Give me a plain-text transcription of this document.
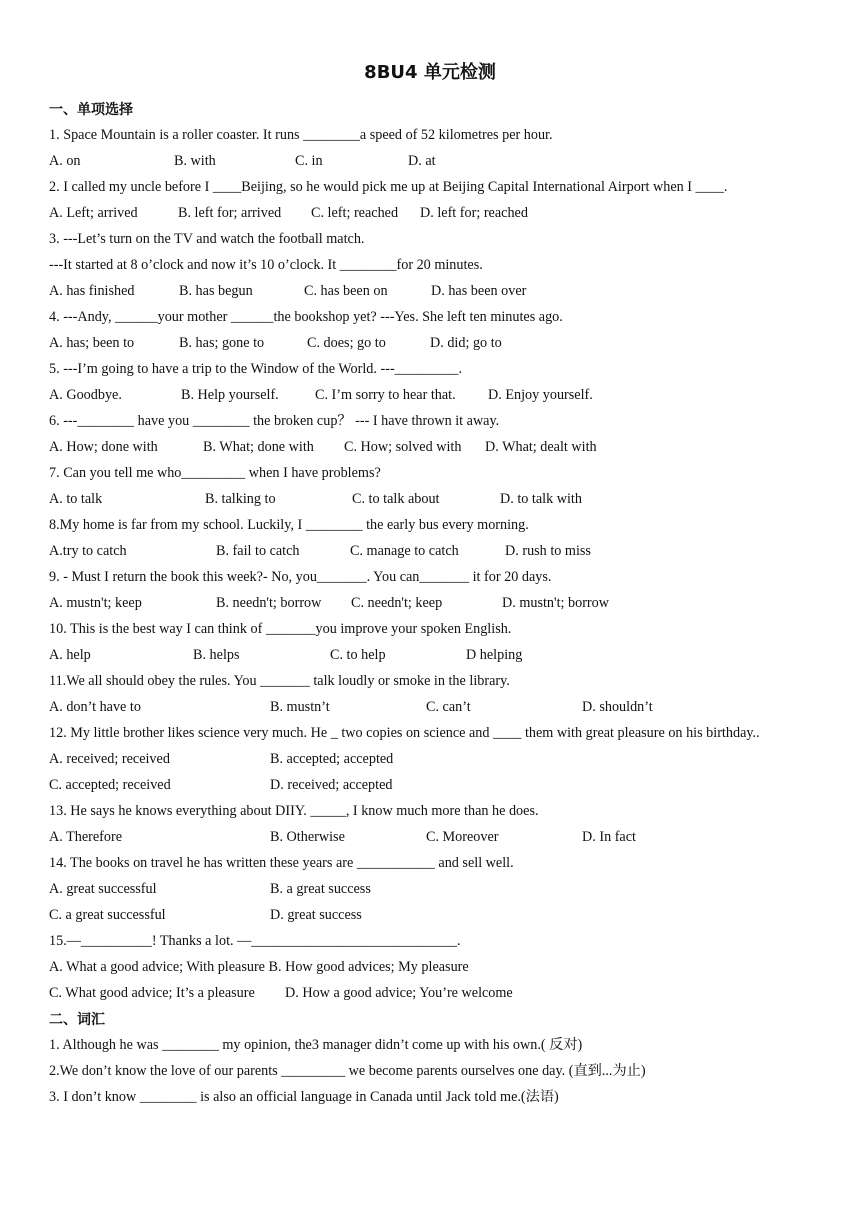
8BU4 单元检测
一、单项选择
1. Space Mountain is a roller coaster. It runs ________a speed of 52 kilometres per hour.
A. on	B. with	C. in	D. at
2. I called my uncle before I ____Beijing, so he would pick me up at Beijing Capital International Airport when I ____.
A. Left; arrived	B. left for; arrived C. left; reached D. left for; reached
3. ---Let’s turn on the TV and watch the football match.
---It started at 8 o’clock and now it’s 10 o’clock. It ________for 20 minutes.
A. has finished	B. has begun	C. has been on	D. has been over
4. ---Andy, ______your mother ______the bookshop yet? ---Yes. She left ten minutes ago.
A. has; been to	B. has; gone to	C. does; go to	D. did; go to
5. ---I’m going to have a trip to the Window of the World. ---_________.
A. Goodbye.	B. Help yourself.	C. I’m sorry to hear that. D. Enjoy yourself.
6. ---________ have you ________ the broken cup？ --- I have thrown it away.
A. How; done with	B. What; done with C. How; solved with D. What; dealt with
7. Can you tell me who_________ when I have problems?
A. to talk	B. talking to	C. to talk about	D. to talk with
8.My home is far from my school. Luckily, I ________ the early bus every morning.
A.try to catch	B. fail to catch	C. manage to catch	D. rush to miss
9. - Must I return the book this week?- No, you_______. You can_______ it for 20 days.
A. mustn't; keep	B. needn't; borrow C. needn't; keep	D. mustn't; borrow
10. This is the best way I can think of _______you improve your spoken English.
A. help	B. helps	C. to help	D helping
11.We all should obey the rules. You _______ talk loudly or smoke in the library.
A. don’t have to	B. mustn’t	C. can’t	D. shouldn’t
12. My little brother likes science very much. He _ two copies on science and ____ them with great pleasure on his birthday..
A. received; received	B. accepted; accepted
C. accepted; received	D. received; accepted
13. He says he knows everything about DIIY. _____, I know much more than he does.
A. Therefore	B. Otherwise	C. Moreover	D. In fact
14. The books on travel he has written these years are ___________ and sell well.
A. great successful	B. a great success
C. a great successful	D. great success
15.—__________! Thanks a lot. —_____________________________.
A. What a good advice; With pleasure B. How good advices; My pleasure
C. What good advice; It’s a pleasure D. How a good advice; You’re welcome
二、词汇
1. Although he was ________ my opinion, the3 manager didn’t come up with his own.( 反对)
2.We don’t know the love of our parents _________ we become parents ourselves one day. (直到...为止)
3. I don’t know ________ is also an official language in Canada until Jack told me.(法语)
